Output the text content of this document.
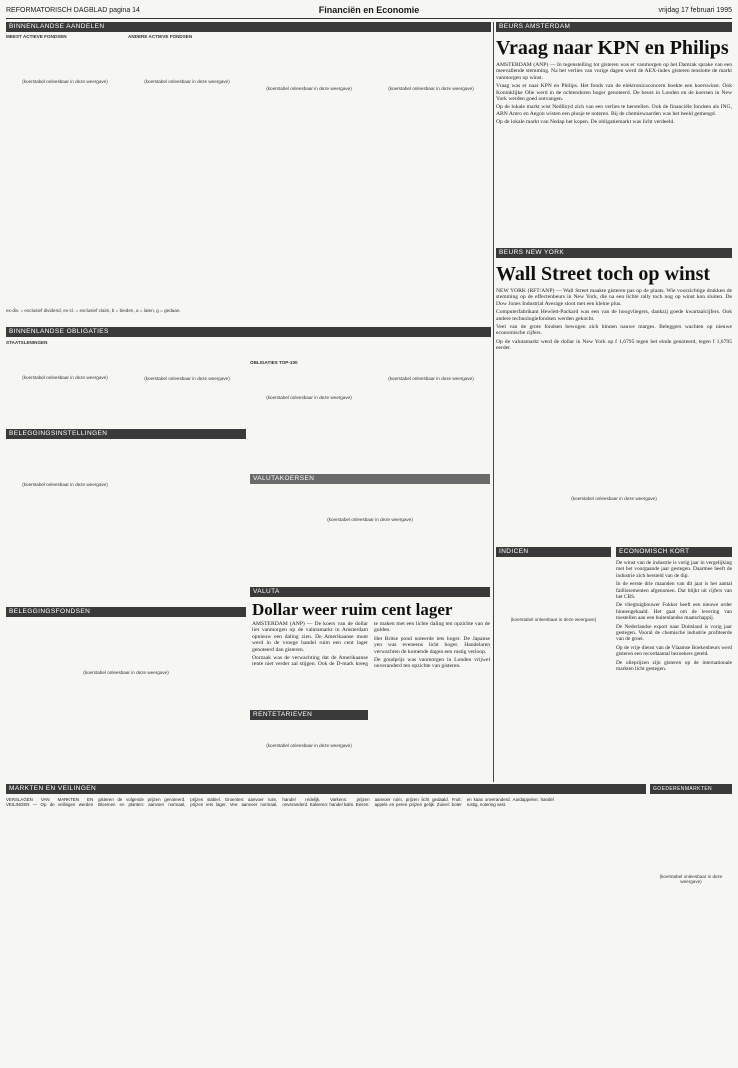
REFORMATORISCH DAGBLAD pagina 14	Financiën en Economie	vrijdag 17 februari 1995
BINNENLANDSE AANDELEN
MEEST ACTIEVE FONDSEN
(koerstabel onleesbaar in deze weergave)
ANDERE ACTIEVE FONDSEN
(koerstabel onleesbaar in deze weergave)
(koerstabel onleesbaar in deze weergave)	(koerstabel onleesbaar in deze weergave)
ex-div. = exclusief dividend, ex-cl. = exclusief claim, b = bieden, a = laten, g = gedaan.
BINNENLANDSE OBLIGATIES
STAATSLENINGEN
(koerstabel onleesbaar in deze weergave)	(koerstabel onleesbaar in deze weergave)
OBLIGATIES TOP-100
(koerstabel onleesbaar in deze weergave)
(koerstabel onleesbaar in deze weergave)
BELEGGINGSINSTELLINGEN
(koerstabel onleesbaar in deze weergave)
VALUTAKOERSEN
(koerstabel onleesbaar in deze weergave)
BELEGGINGSFONDSEN
(koerstabel onleesbaar in deze weergave)
VALUTA
Dollar weer ruim cent lager

AMSTERDAM (ANP) — De koers van de dollar liet vanmorgen op de valutamarkt in Amsterdam opnieuw een daling zien. De Amerikaanse munt werd in de vroege handel ruim een cent lager genoteerd dan gisteren.

Oorzaak was de verwachting dat de Amerikaanse rente niet verder zal stijgen. Ook de D-mark kreeg te maken met een lichte daling ten opzichte van de gulden.

Het Britse pond noteerde iets hoger. De Japanse yen was eveneens licht hoger. Handelaren verwachten de komende dagen een rustig verloop.

De goudprijs was vanmorgen in Londen vrijwel onveranderd ten opzichte van gisteren.

RENTETARIEVEN
(koerstabel onleesbaar in deze weergave)
MARKTEN EN VEILINGEN
VERSLAGEN VAN MARKTEN EN VEILINGEN — Op de veilingen werden gisteren de volgende prijzen genoteerd. Bloemen en planten: aanvoer normaal, prijzen stabiel. Groenten: aanvoer ruim, prijzen iets lager. Vee: aanvoer normaal, handel redelijk. Varkens: prijzen onveranderd. Kalveren: handel kalm. Eieren: aanvoer ruim, prijzen licht gedaald. Fruit: appels en peren prijzen gelijk. Zuivel: boter en kaas onveranderd. Aardappelen: handel rustig, notering vast.
BEURS AMSTERDAM
Vraag naar KPN en Philips

AMSTERDAM (ANP) — In tegenstelling tot gisteren was er vanmorgen op het Damrak sprake van een meevallende stemming. Na het verlies van vorige dagen werd de AEX-index gisteren tenslotte de markt vanmorgen op winst.

Vraag was er naar KPN en Philips. Het fonds van de elektronicaconcern boekte een koerswinst. Ook Koninklijke Olie werd in de ochtenduren hoger genoteerd. De beurs in Londen en de koersen in New York werden goed ontvangen.

Op de lokale markt wist Nedlloyd zich van een verlies te herstellen. Ook de financiële fondsen als ING, ABN Amro en Aegon wisten een plusje te noteren. Bij de chemiewaarden was het beeld gemengd.

Op de lokale markt van Nedap het kopen. De obligatiemarkt was licht verdeeld.

BEURS NEW YORK
Wall Street toch op winst

NEW YORK (RFT/ANP) — Wall Street maakte gisteren pas op de plaats. Wie voorzichtige drukken de stemming op de effectenbeurs in New York, die na een lichte rally toch nog op winst kon sluiten. De Dow Jones Industrial Average sloot met een kleine plus.

Computerfabrikant Hewlett-Packard was een van de hoogvliegers, dankzij goede kwartaalcijfers. Ook andere technologiefondsen werden gekocht.

Veel van de grote fondsen bewogen zich binnen nauwe marges. Beleggers wachten op nieuwe economische cijfers.

Op de valutamarkt werd de dollar in New York op f 1,6795 tegen het einde genoteerd, tegen f 1,6795 eerder.

(koerstabel onleesbaar in deze weergave)
INDICEN
(koerstabel onleesbaar in deze weergave)
ECONOMISCH KORT

De winst van de industrie is vorig jaar in vergelijking met het voorgaande jaar gestegen. Daarmee heeft de industrie zich hersteld van de dip.

In de eerste drie maanden van dit jaar is het aantal faillissementen afgenomen. Dat blijkt uit cijfers van het CBS.

De vliegtuigbouwer Fokker heeft een nieuwe order binnengehaald. Het gaat om de levering van toestellen aan een buitenlandse maatschappij.

De Nederlandse export naar Duitsland is vorig jaar gestegen. Vooral de chemische industrie profiteerde van de groei.

Op de vrije dienst van de Vlaamse Boekenbeurs werd gisteren een recordaantal bezoekers geteld.

De olieprijzen zijn gisteren op de internationale markten licht gestegen.

GOEDERENMARKTEN
(koerstabel onleesbaar in deze weergave)
